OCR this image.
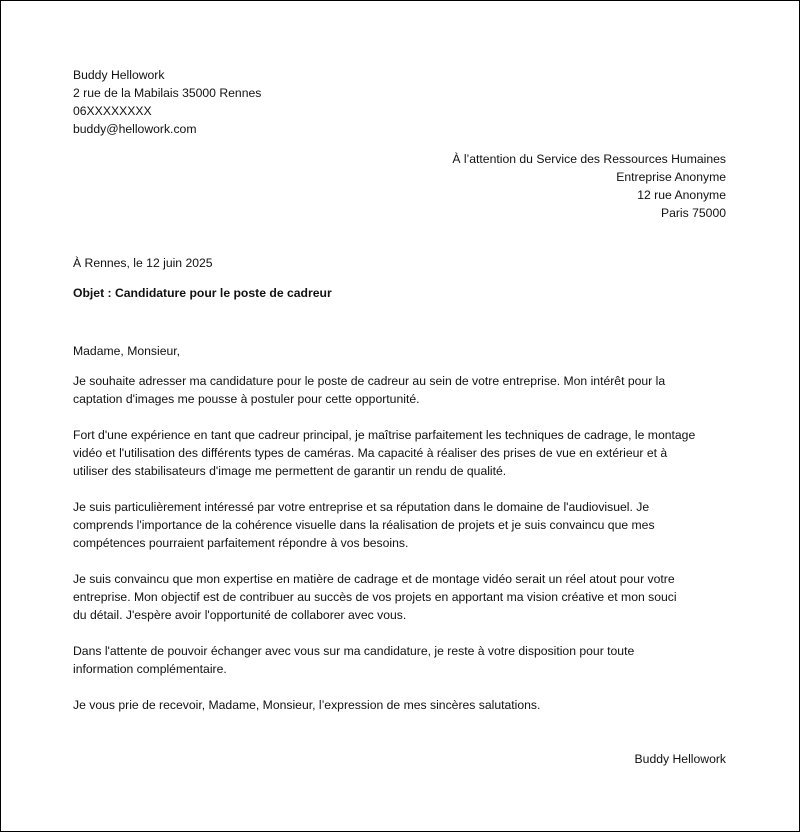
Buddy Hellowork
2 rue de la Mabilais 35000 Rennes
06XXXXXXXX
buddy@hellowork.com
À l’attention du Service des Ressources Humaines
Entreprise Anonyme
12 rue Anonyme
Paris 75000
À Rennes, le 12 juin 2025
Objet : Candidature pour le poste de cadreur
Madame, Monsieur,

Je souhaite adresser ma candidature pour le poste de cadreur au sein de votre entreprise. Mon intérêt pour la
captation d'images me pousse à postuler pour cette opportunité.

Fort d'une expérience en tant que cadreur principal, je maîtrise parfaitement les techniques de cadrage, le montage
vidéo et l'utilisation des différents types de caméras. Ma capacité à réaliser des prises de vue en extérieur et à
utiliser des stabilisateurs d'image me permettent de garantir un rendu de qualité.

Je suis particulièrement intéressé par votre entreprise et sa réputation dans le domaine de l'audiovisuel. Je
comprends l'importance de la cohérence visuelle dans la réalisation de projets et je suis convaincu que mes
compétences pourraient parfaitement répondre à vos besoins.

Je suis convaincu que mon expertise en matière de cadrage et de montage vidéo serait un réel atout pour votre
entreprise. Mon objectif est de contribuer au succès de vos projets en apportant ma vision créative et mon souci
du détail. J'espère avoir l'opportunité de collaborer avec vous.

Dans l'attente de pouvoir échanger avec vous sur ma candidature, je reste à votre disposition pour toute
information complémentaire.

Je vous prie de recevoir, Madame, Monsieur, l’expression de mes sincères salutations.

Buddy Hellowork
